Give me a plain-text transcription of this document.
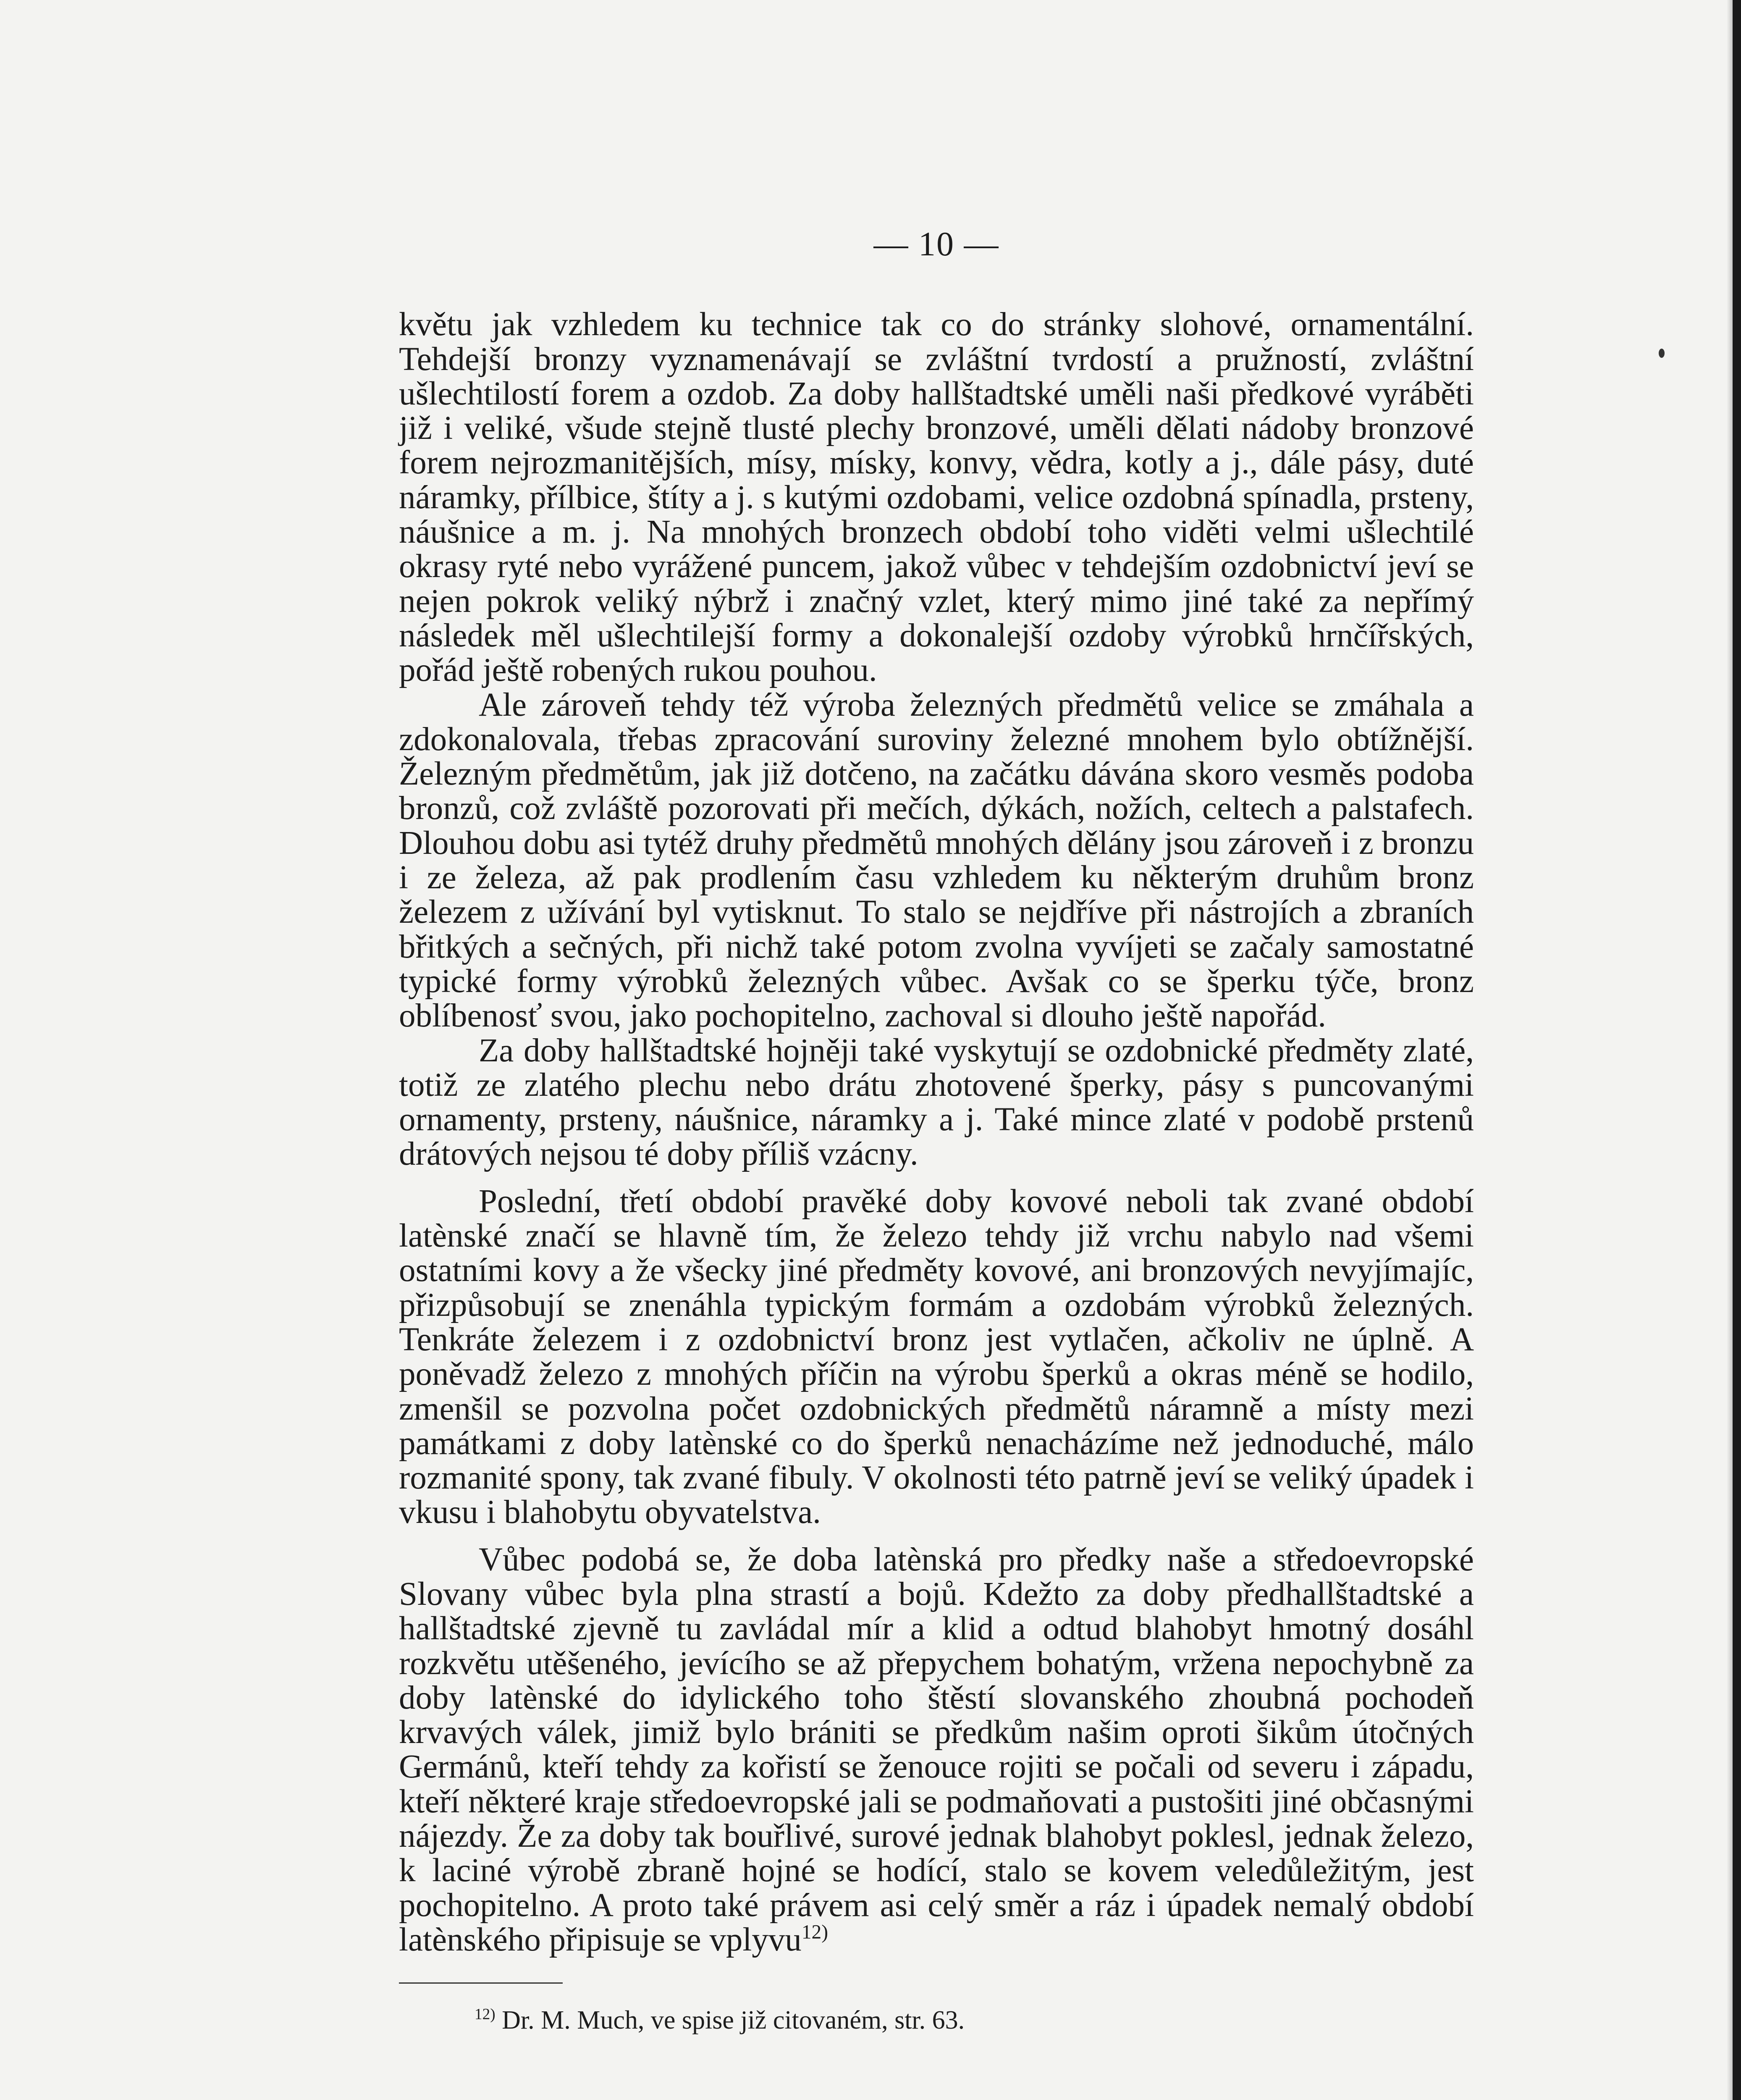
— 10 —

květu jak vzhledem ku technice tak co do stránky slohové, ornamentální. Tehdejší bronzy vyznamenávají se zvláštní tvrdostí a pružností, zvláštní ušlechtilostí forem a ozdob. Za doby hallštadtské uměli naši předkové vyráběti již i veliké, všude stejně tlusté plechy bronzové, uměli dělati nádoby bronzové forem nejrozmanitějších, mísy, mísky, konvy, vědra, kotly a j., dále pásy, duté náramky, přílbice, štíty a j. s kutými ozdobami, velice ozdobná spínadla, prsteny, náušnice a m. j. Na mnohých bronzech období toho viděti velmi ušlechtilé okrasy ryté nebo vyrážené puncem, jakož vůbec v tehdejším ozdobnictví jeví se nejen pokrok veliký nýbrž i značný vzlet, který mimo jiné také za nepřímý následek měl ušlechtilejší formy a dokonalejší ozdoby výrobků hrnčířských, pořád ještě robených rukou pouhou.

Ale zároveň tehdy též výroba železných předmětů velice se zmáhala a zdokonalovala, třebas zpracování suroviny železné mnohem bylo obtížnější. Železným předmětům, jak již dotčeno, na začátku dávána skoro vesměs podoba bronzů, což zvláště pozorovati při mečích, dýkách, nožích, celtech a palstafech. Dlouhou dobu asi tytéž druhy předmětů mnohých dělány jsou zároveň i z bronzu i ze železa, až pak prodlením času vzhledem ku některým druhům bronz železem z užívání byl vytisknut. To stalo se nejdříve při nástrojích a zbraních břitkých a sečných, při nichž také potom zvolna vyvíjeti se začaly samostatné typické formy výrobků železných vůbec. Avšak co se šperku týče, bronz oblíbenosť svou, jako pochopitelno, zachoval si dlouho ještě napořád.

Za doby hallštadtské hojněji také vyskytují se ozdobnické předměty zlaté, totiž ze zlatého plechu nebo drátu zhotovené šperky, pásy s puncovanými ornamenty, prsteny, náušnice, náramky a j. Také mince zlaté v podobě prstenů drátových nejsou té doby příliš vzácny.

Poslední, třetí období pravěké doby kovové neboli tak zvané období latènské značí se hlavně tím, že železo tehdy již vrchu nabylo nad všemi ostatními kovy a že všecky jiné předměty kovové, ani bronzových nevyjímajíc, přizpůsobují se znenáhla typickým formám a ozdobám výrobků železných. Tenkráte železem i z ozdobnictví bronz jest vytlačen, ačkoliv ne úplně. A poněvadž železo z mnohých příčin na výrobu šperků a okras méně se hodilo, zmenšil se pozvolna počet ozdobnických předmětů náramně a místy mezi památkami z doby latènské co do šperků nenacházíme než jednoduché, málo rozmanité spony, tak zvané fibuly. V okolnosti této patrně jeví se veliký úpadek i vkusu i blahobytu obyvatelstva.

Vůbec podobá se, že doba latènská pro předky naše a středoevropské Slovany vůbec byla plna strastí a bojů. Kdežto za doby předhallštadtské a hallštadtské zjevně tu zavládal mír a klid a odtud blahobyt hmotný dosáhl rozkvětu utěšeného, jevícího se až přepychem bohatým, vržena nepochybně za doby latènské do idylického toho štěstí slovanského zhoubná pochodeň krvavých válek, jimiž bylo brániti se předkům našim oproti šikům útočných Germánů, kteří tehdy za kořistí se ženouce rojiti se počali od severu i západu, kteří některé kraje středoevropské jali se podmaňovati a pustošiti jiné občasnými nájezdy. Že za doby tak bouřlivé, surové jednak blahobyt poklesl, jednak železo, k laciné výrobě zbraně hojné se hodící, stalo se kovem veledůležitým, jest pochopitelno. A proto také právem asi celý směr a ráz i úpadek nemalý období latènského připisuje se vplyvu$^{12)}$

$^{12)}$ Dr. M. Much, ve spise již citovaném, str. 63.
